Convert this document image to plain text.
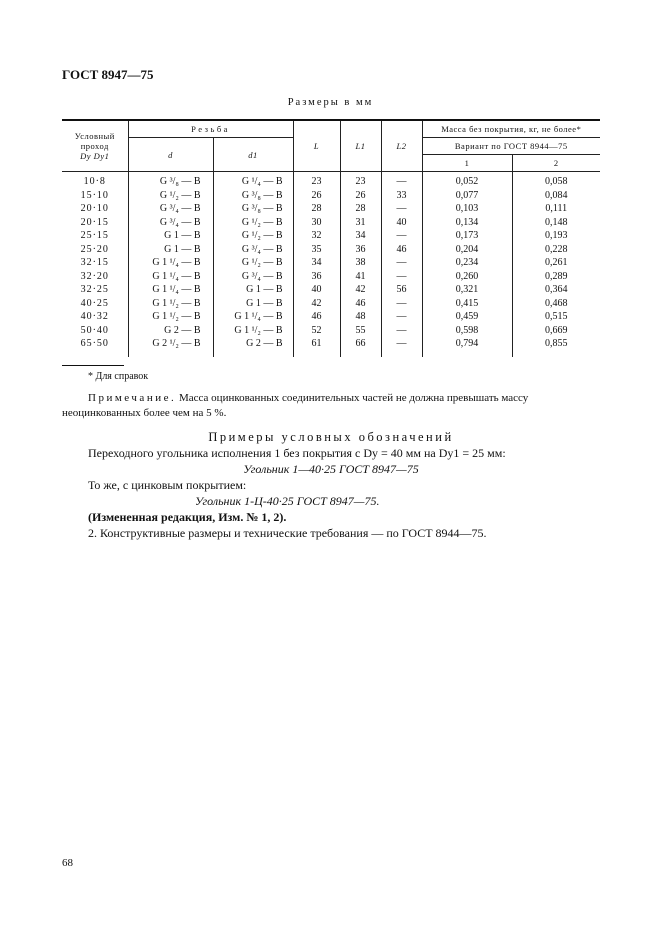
ГОСТ 8947—75
Размеры в мм
Условный проход
Dy Dy1	Резьба		L	L1	L2	Масса без покрытия, кг, не более*	
	d	d1				Вариант по ГОСТ 8944—75	
						1	2
10·8	G ³/₈ — B	G ¹/₄ — B	23	23	—	0,052	0,058
15·10	G ¹/₂ — B	G ³/₈ — B	26	26	33	0,077	0,084
20·10	G ³/₄ — B	G ³/₈ — B	28	28	—	0,103	0,111
20·15	G ³/₄ — B	G ¹/₂ — B	30	31	40	0,134	0,148
25·15	G 1 — B	G ¹/₂ — B	32	34	—	0,173	0,193
25·20	G 1 — B	G ³/₄ — B	35	36	46	0,204	0,228
32·15	G 1 ¹/₄ — B	G ¹/₂ — B	34	38	—	0,234	0,261
32·20	G 1 ¹/₄ — B	G ³/₄ — B	36	41	—	0,260	0,289
32·25	G 1 ¹/₄ — B	G 1 — B	40	42	56	0,321	0,364
40·25	G 1 ¹/₂ — B	G 1 — B	42	46	—	0,415	0,468
40·32	G 1 ¹/₂ — B	G 1 ¹/₄ — B	46	48	—	0,459	0,515
50·40	G 2 — B	G 1 ¹/₂ — B	52	55	—	0,598	0,669
65·50	G 2 ¹/₂ — B	G 2 — B	61	66	—	0,794	0,855
* Для справок
Примечание. Масса оцинкованных соединительных частей не должна превышать массу неоцинкованных более чем на 5 %.
Примеры условных обозначений
Переходного угольника исполнения 1 без покрытия с Dy = 40 мм на Dy1 = 25 мм:
Угольник 1—40·25 ГОСТ 8947—75
То же, с цинковым покрытием:
Угольник 1-Ц-40·25 ГОСТ 8947—75.
(Измененная редакция, Изм. № 1, 2).
2. Конструктивные размеры и технические требования — по ГОСТ 8944—75.
68
